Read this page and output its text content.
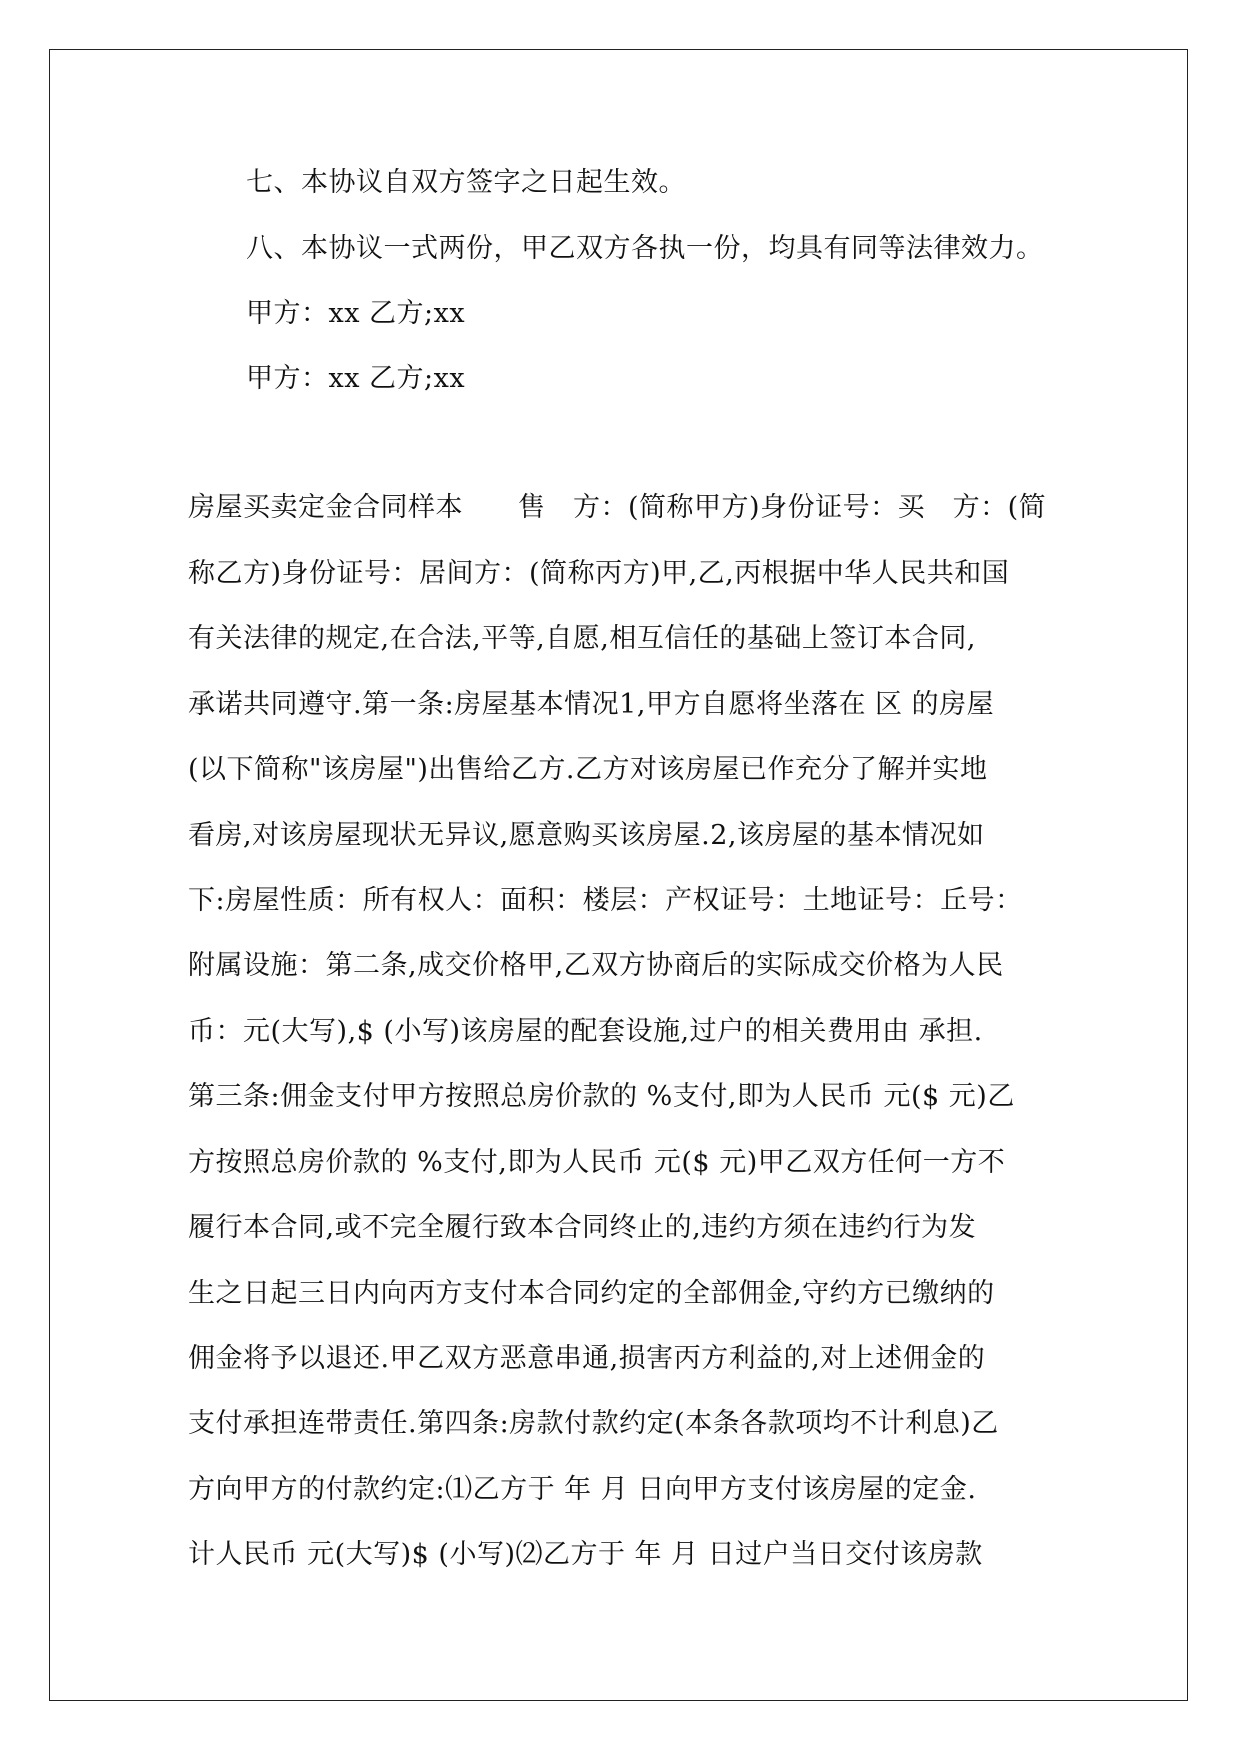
七、本协议自双方签字之日起生效。
八、本协议一式两份，甲乙双方各执一份，均具有同等法律效力。
甲方：xx 乙方;xx
甲方：xx 乙方;xx
房屋买卖定金合同样本　　售　方：(简称甲方)身份证号：买　方：(简
称乙方)身份证号：居间方：(简称丙方)甲,乙,丙根据中华人民共和国
有关法律的规定,在合法,平等,自愿,相互信任的基础上签订本合同,
承诺共同遵守.第一条:房屋基本情况1,甲方自愿将坐落在 区 的房屋
(以下简称"该房屋")出售给乙方.乙方对该房屋已作充分了解并实地
看房,对该房屋现状无异议,愿意购买该房屋.2,该房屋的基本情况如
下:房屋性质：所有权人：面积：楼层：产权证号：土地证号：丘号：
附属设施：第二条,成交价格甲,乙双方协商后的实际成交价格为人民
币：元(大写),$ (小写)该房屋的配套设施,过户的相关费用由 承担.
第三条:佣金支付甲方按照总房价款的 %支付,即为人民币 元($ 元)乙
方按照总房价款的 %支付,即为人民币 元($ 元)甲乙双方任何一方不
履行本合同,或不完全履行致本合同终止的,违约方须在违约行为发
生之日起三日内向丙方支付本合同约定的全部佣金,守约方已缴纳的
佣金将予以退还.甲乙双方恶意串通,损害丙方利益的,对上述佣金的
支付承担连带责任.第四条:房款付款约定(本条各款项均不计利息)乙
方向甲方的付款约定:⑴乙方于 年 月 日向甲方支付该房屋的定金.
计人民币 元(大写)$ (小写)⑵乙方于 年 月 日过户当日交付该房款
